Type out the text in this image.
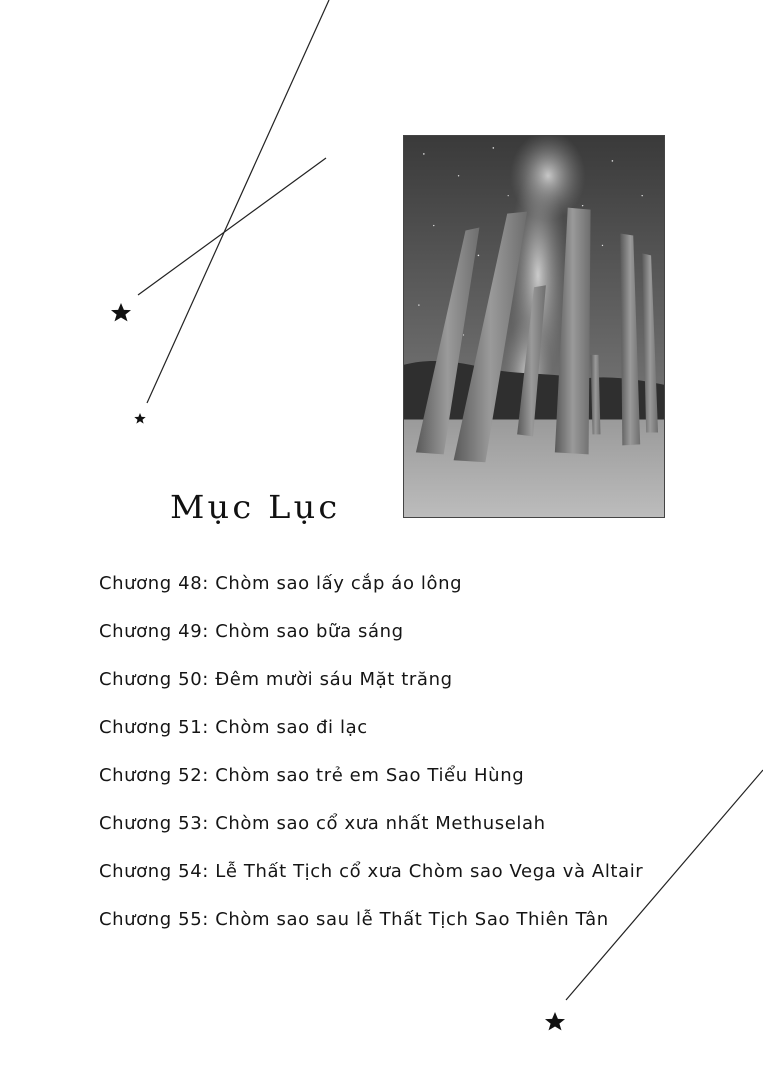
Mục Lục
Chương 48: Chòm sao lấy cắp áo lông
Chương 49: Chòm sao bữa sáng
Chương 50: Đêm mười sáu Mặt trăng
Chương 51: Chòm sao đi lạc
Chương 52: Chòm sao trẻ em Sao Tiểu Hùng
Chương 53: Chòm sao cổ xưa nhất Methuselah
Chương 54: Lễ Thất Tịch cổ xưa Chòm sao Vega và Altair
Chương 55: Chòm sao sau lễ Thất Tịch Sao Thiên Tân
